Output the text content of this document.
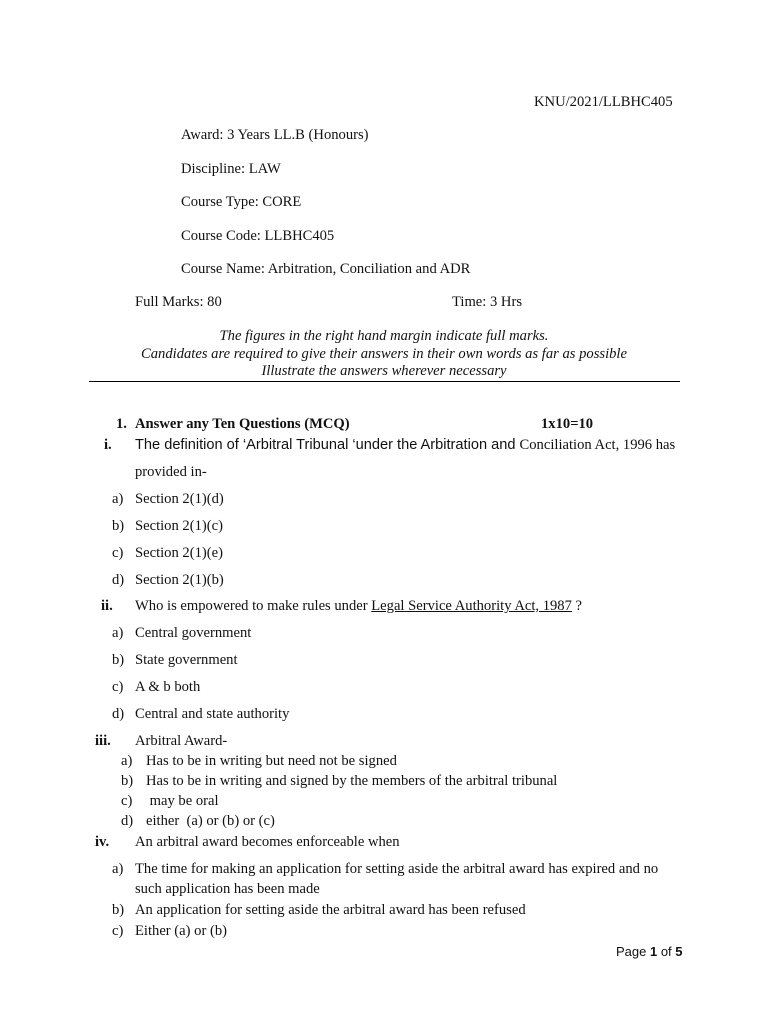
KNU/2021/LLBHC405
Award: 3 Years LL.B (Honours)
Discipline: LAW
Course Type: CORE
Course Code: LLBHC405
Course Name: Arbitration, Conciliation and ADR
Full Marks: 80	Time: 3 Hrs
The figures in the right hand margin indicate full marks.
Candidates are required to give their answers in their own words as far as possible
Illustrate the answers wherever necessary
1. Answer any Ten Questions (MCQ)	1x10=10
i. The definition of ‘Arbitral Tribunal ‘under the Arbitration and Conciliation Act, 1996 has
provided in-
a) Section 2(1)(d)
b) Section 2(1)(c)
c) Section 2(1)(e)
d) Section 2(1)(b)
ii. Who is empowered to make rules under Legal Service Authority Act, 1987 ?
a) Central government
b) State government
c) A & b both
d) Central and state authority
iii. Arbitral Award-
a) Has to be in writing but need not be signed
b) Has to be in writing and signed by the members of the arbitral tribunal
c) may be oral
d) either  (a) or (b) or (c)
iv. An arbitral award becomes enforceable when
a) The time for making an application for setting aside the arbitral award has expired and no
such application has been made
b) An application for setting aside the arbitral award has been refused
c) Either (a) or (b)
Page 1 of 5
